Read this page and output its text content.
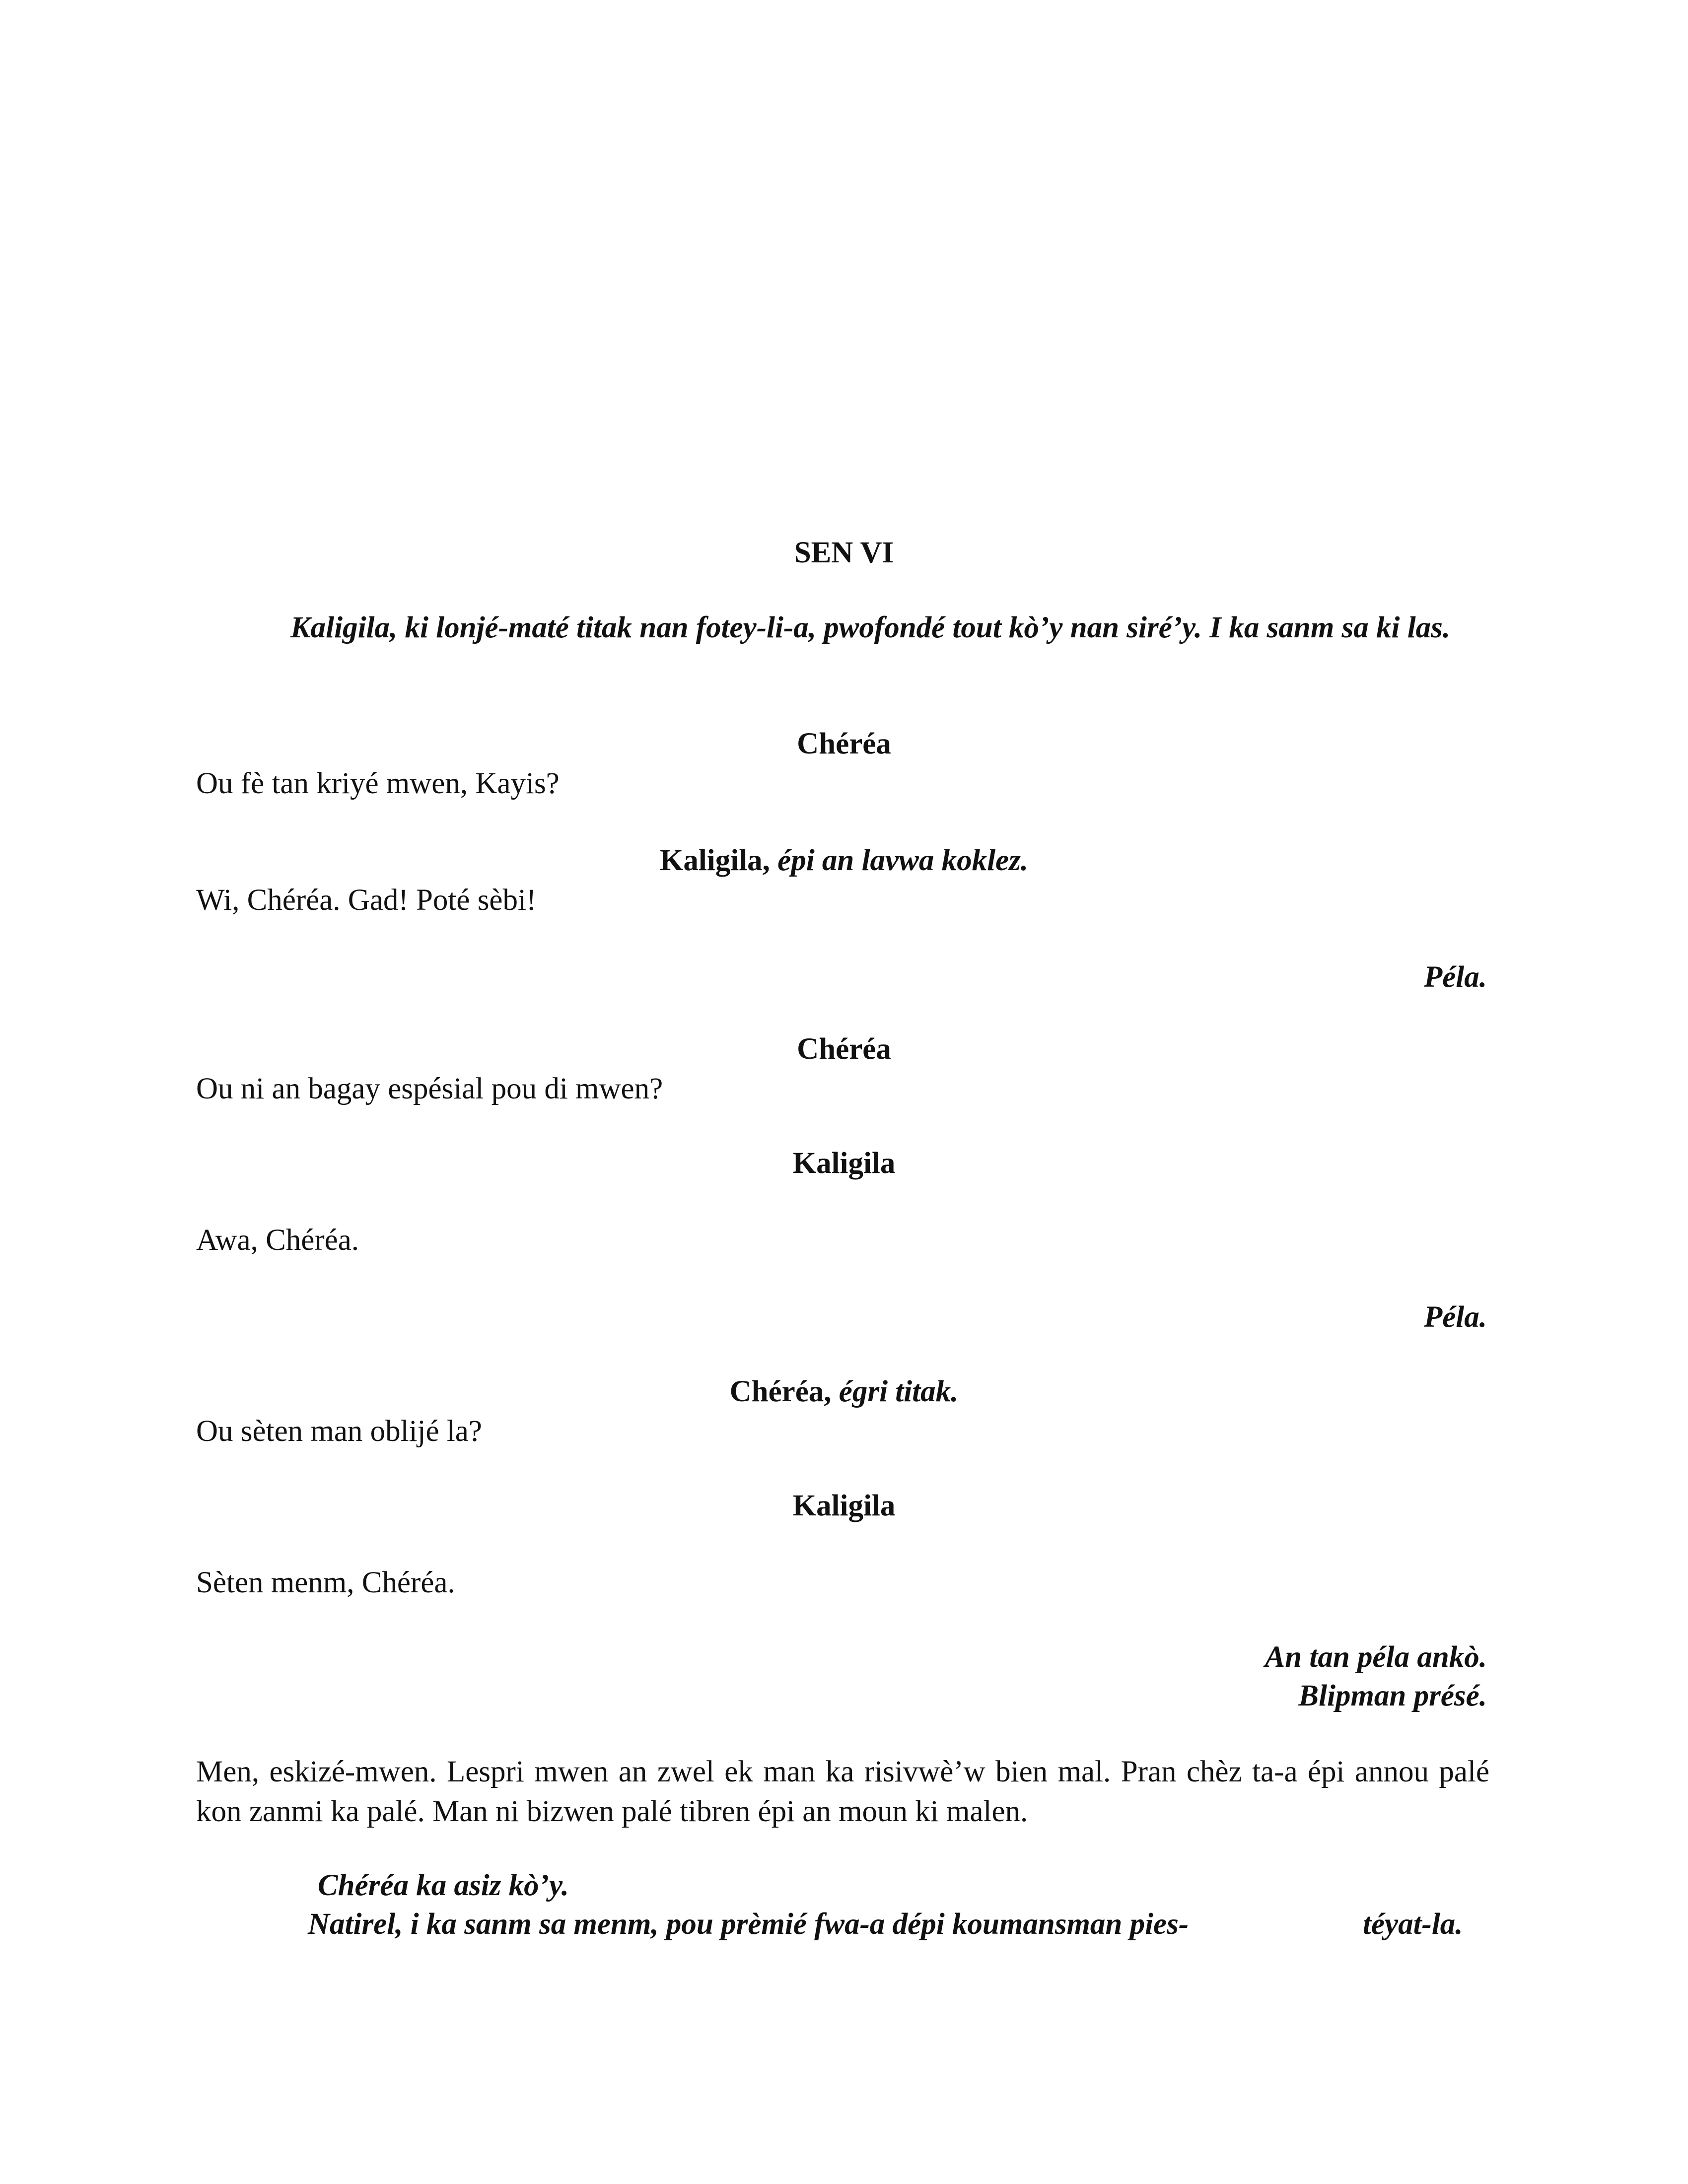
SEN VI

Kaligila, ki lonjé-maté titak nan fotey-li-a, pwofondé tout kò’y nan siré’y. I ka sanm sa ki las.

Chéréa

Ou fè tan kriyé mwen, Kayis?

Kaligila, épi an lavwa koklez.

Wi, Chéréa. Gad! Poté sèbi!

Péla.

Chéréa

Ou ni an bagay espésial pou di mwen?

Kaligila

Awa, Chéréa.

Péla.

Chéréa, égri titak.

Ou sèten man oblijé la?

Kaligila

Sèten menm, Chéréa.

An tan péla ankò.

Blipman présé.

Men, eskizé-mwen. Lespri mwen an zwel ek man ka risivwè’w bien mal. Pran chèz ta-a épi annou palé kon zanmi ka palé. Man ni bizwen palé tibren épi an moun ki malen.

Chéréa ka asiz kò’y.

Natirel, i ka sanm sa menm, pou prèmié fwa-a dépi koumansman pies-	téyat-la.
